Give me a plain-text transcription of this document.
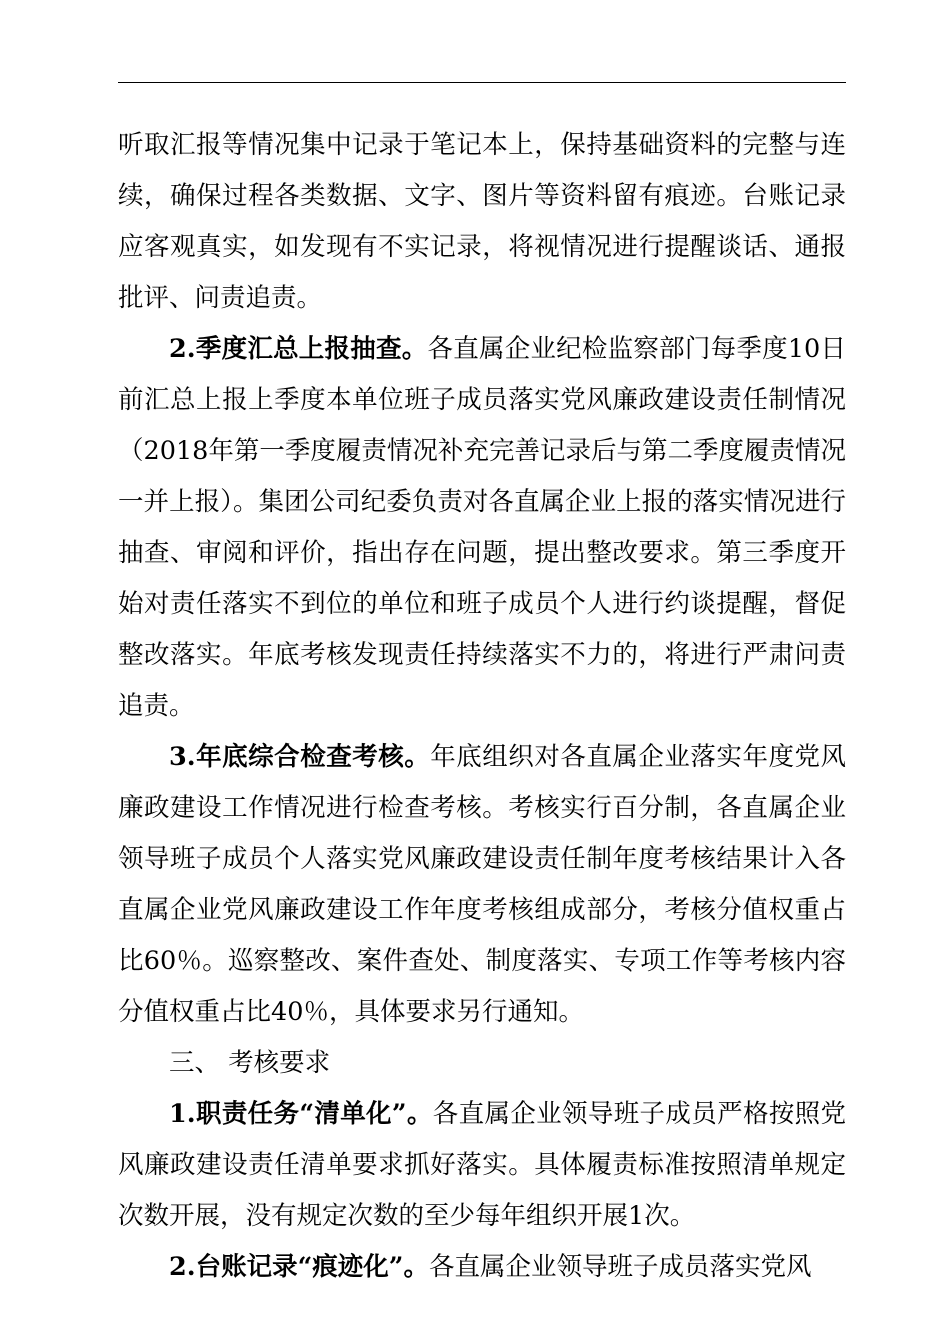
听取汇报等情况集中记录于笔记本上，保持基础资料的完整与连续，确保过程各类数据、文字、图片等资料留有痕迹。台账记录应客观真实，如发现有不实记录，将视情况进行提醒谈话、通报批评、问责追责。

2.季度汇总上报抽查。各直属企业纪检监察部门每季度10日前汇总上报上季度本单位班子成员落实党风廉政建设责任制情况（2018年第一季度履责情况补充完善记录后与第二季度履责情况一并上报）。集团公司纪委负责对各直属企业上报的落实情况进行抽查、审阅和评价，指出存在问题，提出整改要求。第三季度开始对责任落实不到位的单位和班子成员个人进行约谈提醒，督促整改落实。年底考核发现责任持续落实不力的，将进行严肃问责追责。

3.年底综合检查考核。年底组织对各直属企业落实年度党风廉政建设工作情况进行检查考核。考核实行百分制，各直属企业领导班子成员个人落实党风廉政建设责任制年度考核结果计入各直属企业党风廉政建设工作年度考核组成部分，考核分值权重占比60％。巡察整改、案件查处、制度落实、专项工作等考核内容分值权重占比40％，具体要求另行通知。

三、 考核要求

1.职责任务“清单化”。各直属企业领导班子成员严格按照党风廉政建设责任清单要求抓好落实。具体履责标准按照清单规定次数开展，没有规定次数的至少每年组织开展1次。

2.台账记录“痕迹化”。各直属企业领导班子成员落实党风
